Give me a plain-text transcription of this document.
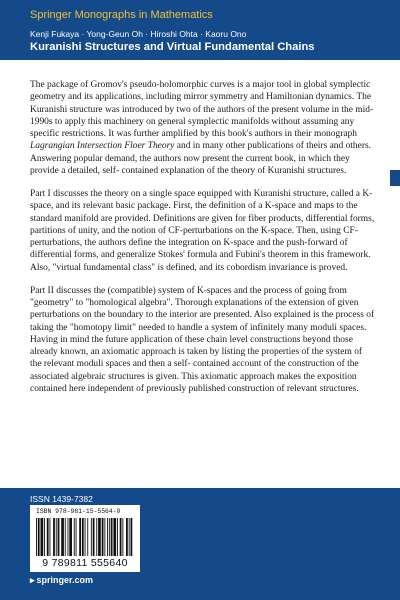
Springer Monographs in Mathematics
Kenji Fukaya · Yong-Geun Oh · Hiroshi Ohta · Kaoru Ono
Kuranishi Structures and Virtual Fundamental Chains

The package of Gromov's pseudo-holomorphic curves is a major tool in global symplectic geometry and its applications, including mirror symmetry and Hamiltonian dynamics. The Kuranishi structure was introduced by two of the authors of the present volume in the mid-1990s to apply this machinery on general symplectic manifolds without assuming any specific restrictions. It was further amplified by this book's authors in their monograph Lagrangian Intersection Floer Theory and in many other publications of theirs and others. Answering popular demand, the authors now present the current book, in which they provide a detailed, self- contained explanation of the theory of Kuranishi structures.

Part I discusses the theory on a single space equipped with Kuranishi structure, called a K-space, and its relevant basic package. First, the definition of a K-space and maps to the standard manifold are provided. Definitions are given for fiber products, differential forms, partitions of unity, and the notion of CF-perturbations on the K-space. Then, using CF- perturbations, the authors define the integration on K-space and the push-forward of differential forms, and generalize Stokes' formula and Fubini's theorem in this framework. Also, "virtual fundamental class" is defined, and its cobordism invariance is proved.

Part II discusses the (compatible) system of K-spaces and the process of going from "geometry" to "homological algebra". Thorough explanations of the extension of given perturbations on the boundary to the interior are presented. Also explained is the process of taking the "homotopy limit" needed to handle a system of infinitely many moduli spaces. Having in mind the future application of these chain level constructions beyond those already known, an axiomatic approach is taken by listing the properties of the system of the relevant moduli spaces and then a self- contained account of the construction of the associated algebraic structures is given. This axiomatic approach makes the exposition contained here independent of previously published construction of relevant structures.

ISSN 1439-7382
ISBN 978-981-15-5564-0
9 789811 555640
▸ springer.com
